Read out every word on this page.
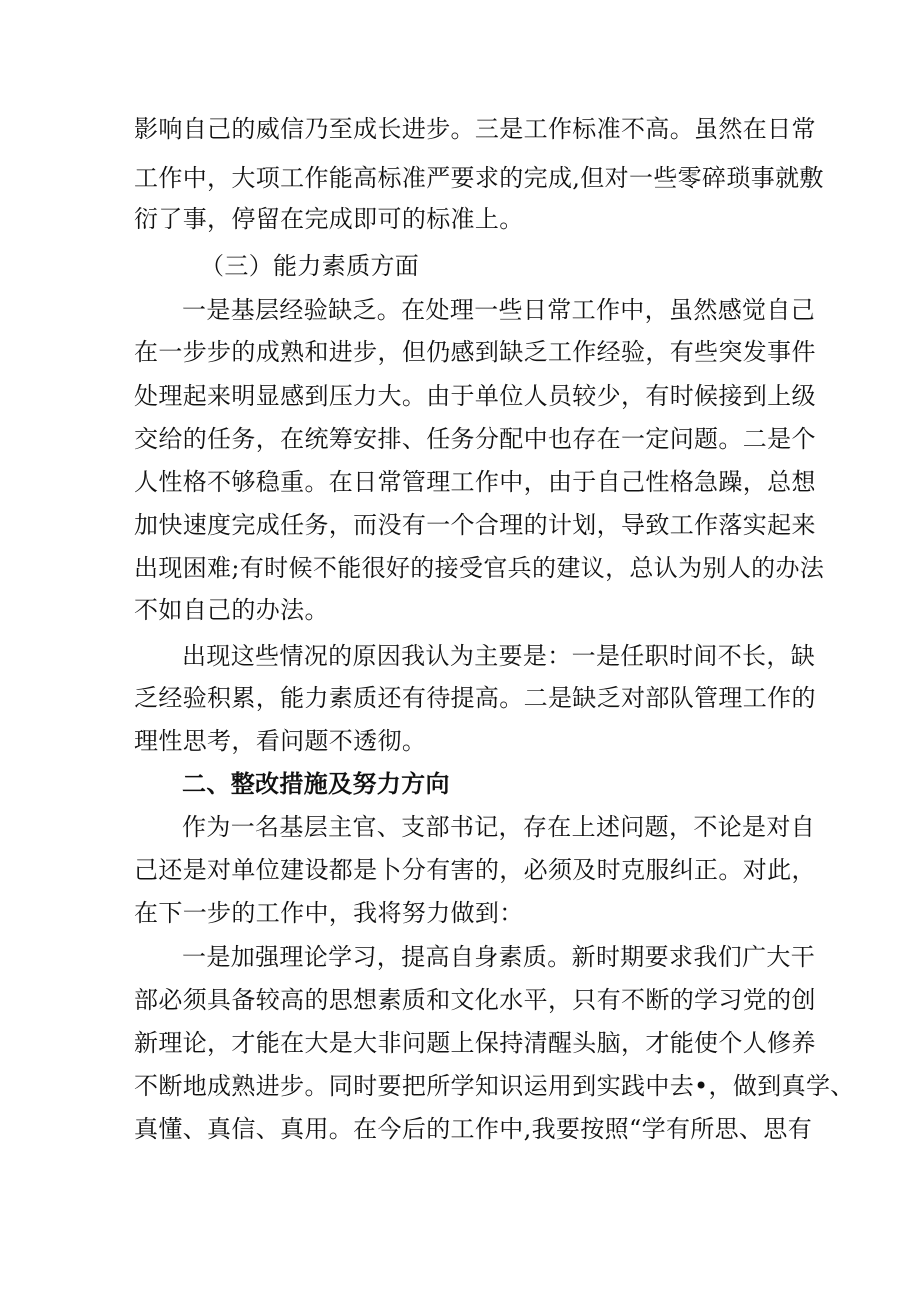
影响自己的威信乃至成长进步。三是工作标准不高。虽然在日常
工作中，大项工作能高标准严要求的完成,但对一些零碎琐事就敷
衍了事，停留在完成即可的标准上。
（三）能力素质方面
一是基层经验缺乏。在处理一些日常工作中，虽然感觉自己
在一步步的成熟和进步，但仍感到缺乏工作经验，有些突发事件
处理起来明显感到压力大。由于单位人员较少，有时候接到上级
交给的任务，在统筹安排、任务分配中也存在一定问题。二是个
人性格不够稳重。在日常管理工作中，由于自己性格急躁，总想
加快速度完成任务，而没有一个合理的计划，导致工作落实起来
出现困难;有时候不能很好的接受官兵的建议，总认为别人的办法
不如自己的办法。
出现这些情况的原因我认为主要是：一是任职时间不长，缺
乏经验积累，能力素质还有待提高。二是缺乏对部队管理工作的
理性思考，看问题不透彻。
二、整改措施及努力方向
作为一名基层主官、支部书记，存在上述问题，不论是对自
己还是对单位建设都是卜分有害的，必须及时克服纠正。对此，
在下一步的工作中，我将努力做到：
一是加强理论学习，提高自身素质。新时期要求我们广大干
部必须具备较高的思想素质和文化水平，只有不断的学习党的创
新理论，才能在大是大非问题上保持清醒头脑，才能使个人修养
不断地成熟进步。同时要把所学知识运用到实践中去•，做到真学、
真懂、真信、真用。在今后的工作中,我要按照“学有所思、思有
